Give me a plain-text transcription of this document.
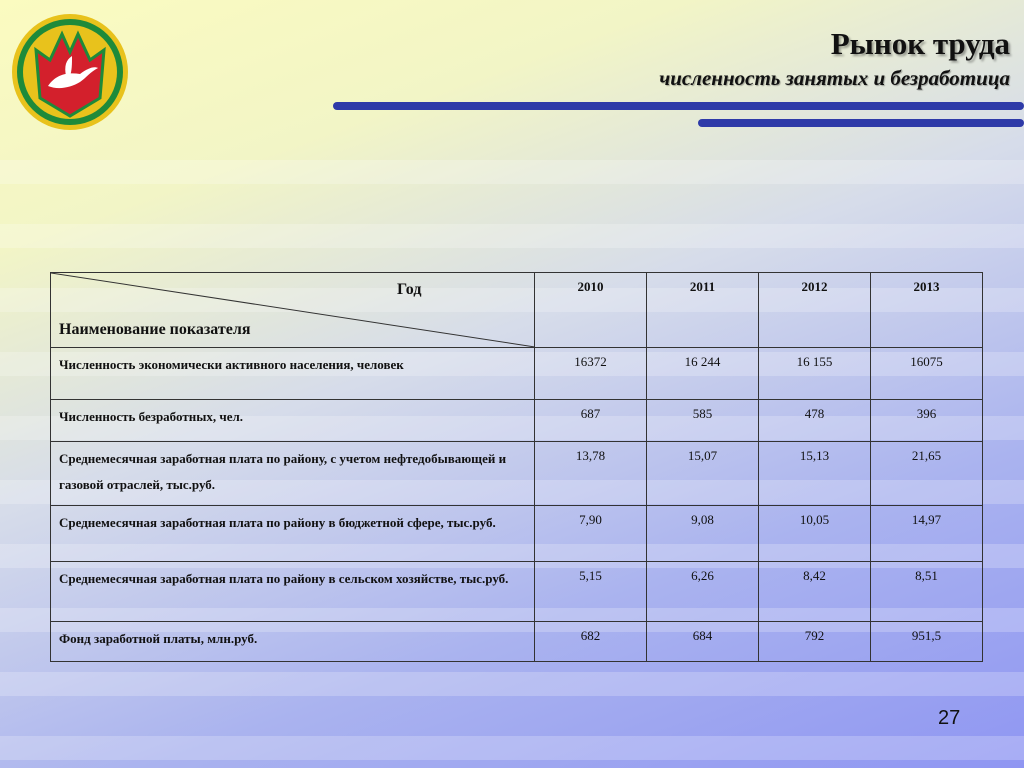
Рынок труда
численность занятых и безработица
Год
Наименование показателя	2010	2011	2012	2013
Численность экономически активного населения, человек	16372	16 244	16 155	16075
Численность безработных, чел.	687	585	478	396
Среднемесячная заработная плата по району, с учетом нефтедобывающей и газовой отраслей, тыс.руб.	13,78	15,07	15,13	21,65
Среднемесячная заработная плата по району в бюджетной сфере, тыс.руб.	7,90	9,08	10,05	14,97
Среднемесячная заработная плата по району в сельском хозяйстве, тыс.руб.	5,15	6,26	8,42	8,51
Фонд заработной платы, млн.руб.	682	684	792	951,5
27
